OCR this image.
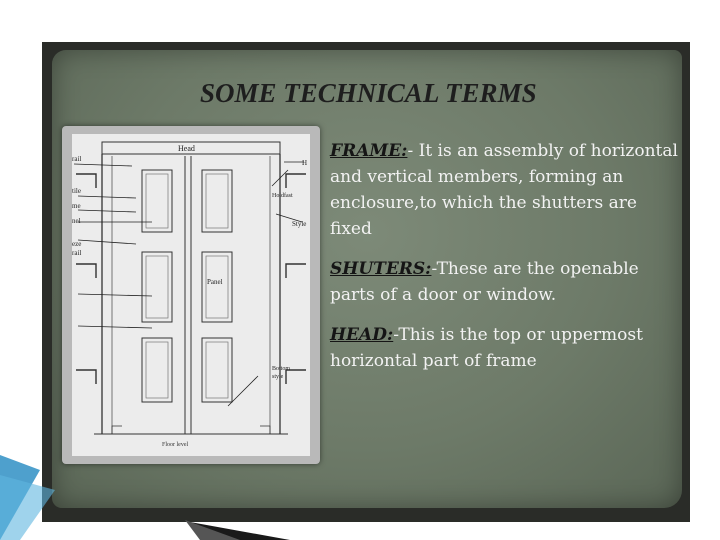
SOME TECHNICAL TERMS
Head
Floor level
rail
tile
me
nel
eze
rail
H
Holdfast
Style
Panel
Bottom
style
FRAME:- It is an assembly of horizontal and vertical members, forming an enclosure,to which the shutters are fixed
SHUTERS:-These are the openable parts of a door or window.
HEAD:-This is the top or uppermost horizontal part of frame
